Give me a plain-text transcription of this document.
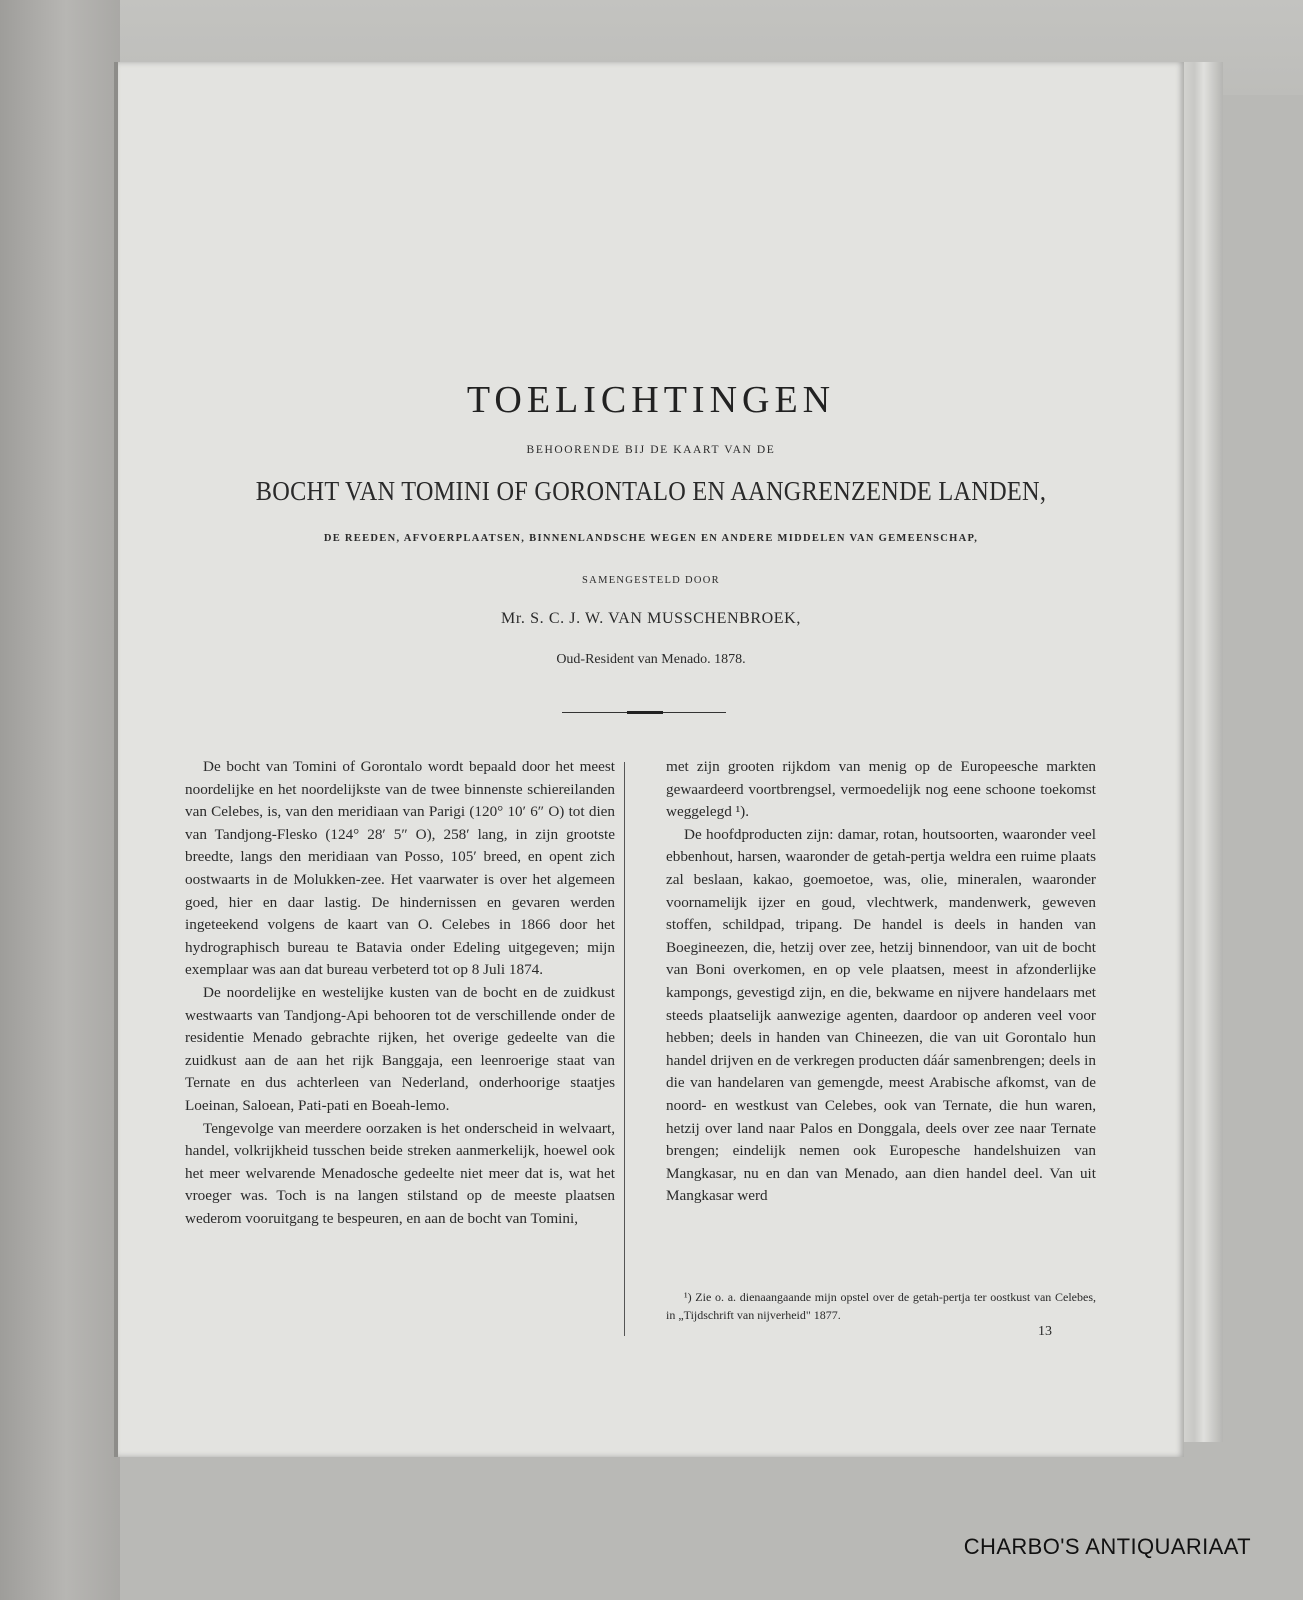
TOELICHTINGEN
BEHOORENDE BIJ DE KAART VAN DE
BOCHT VAN TOMINI OF GORONTALO EN AANGRENZENDE LANDEN,
DE REEDEN, AFVOERPLAATSEN, BINNENLANDSCHE WEGEN EN ANDERE MIDDELEN VAN GEMEENSCHAP,
SAMENGESTELD DOOR
Mr. S. C. J. W. VAN MUSSCHENBROEK,
Oud-Resident van Menado. 1878.

De bocht van Tomini of Gorontalo wordt bepaald door het meest noordelijke en het noordelijkste van de twee binnenste schiereilanden van Celebes, is, van den meridiaan van Parigi (120° 10′ 6″ O) tot dien van Tandjong-Flesko (124° 28′ 5″ O), 258′ lang, in zijn grootste breedte, langs den meridiaan van Posso, 105′ breed, en opent zich oostwaarts in de Molukken-zee. Het vaarwater is over het algemeen goed, hier en daar lastig. De hindernissen en gevaren werden ingeteekend volgens de kaart van O. Celebes in 1866 door het hydrographisch bureau te Batavia onder Edeling uitgegeven; mijn exemplaar was aan dat bureau verbeterd tot op 8 Juli 1874.

De noordelijke en westelijke kusten van de bocht en de zuidkust westwaarts van Tandjong-Api behooren tot de verschillende onder de residentie Menado gebrachte rijken, het overige gedeelte van die zuidkust aan de aan het rijk Banggaja, een leenroerige staat van Ternate en dus achterleen van Nederland, onderhoorige staatjes Loeinan, Saloean, Pati-pati en Boeah-lemo.

Tengevolge van meerdere oorzaken is het onderscheid in welvaart, handel, volkrijkheid tusschen beide streken aanmerkelijk, hoewel ook het meer welvarende Menadosche gedeelte niet meer dat is, wat het vroeger was. Toch is na langen stilstand op de meeste plaatsen wederom vooruitgang te bespeuren, en aan de bocht van Tomini,

met zijn grooten rijkdom van menig op de Europeesche markten gewaardeerd voortbrengsel, vermoedelijk nog eene schoone toekomst weggelegd ¹).

De hoofdproducten zijn: damar, rotan, houtsoorten, waaronder veel ebbenhout, harsen, waaronder de getah-pertja weldra een ruime plaats zal beslaan, kakao, goemoetoe, was, olie, mineralen, waaronder voornamelijk ijzer en goud, vlechtwerk, mandenwerk, geweven stoffen, schildpad, tripang. De handel is deels in handen van Boegineezen, die, hetzij over zee, hetzij binnendoor, van uit de bocht van Boni overkomen, en op vele plaatsen, meest in afzonderlijke kampongs, gevestigd zijn, en die, bekwame en nijvere handelaars met steeds plaatselijk aanwezige agenten, daardoor op anderen veel voor hebben; deels in handen van Chineezen, die van uit Gorontalo hun handel drijven en de verkregen producten dáár samenbrengen; deels in die van handelaren van gemengde, meest Arabische afkomst, van de noord- en westkust van Celebes, ook van Ternate, die hun waren, hetzij over land naar Palos en Donggala, deels over zee naar Ternate brengen; eindelijk nemen ook Europesche handelshuizen van Mangkasar, nu en dan van Menado, aan dien handel deel. Van uit Mangkasar werd

¹) Zie o. a. dienaangaande mijn opstel over de getah-pertja ter oostkust van Celebes, in „Tijdschrift van nijverheid" 1877.
13
CHARBO'S ANTIQUARIAAT
